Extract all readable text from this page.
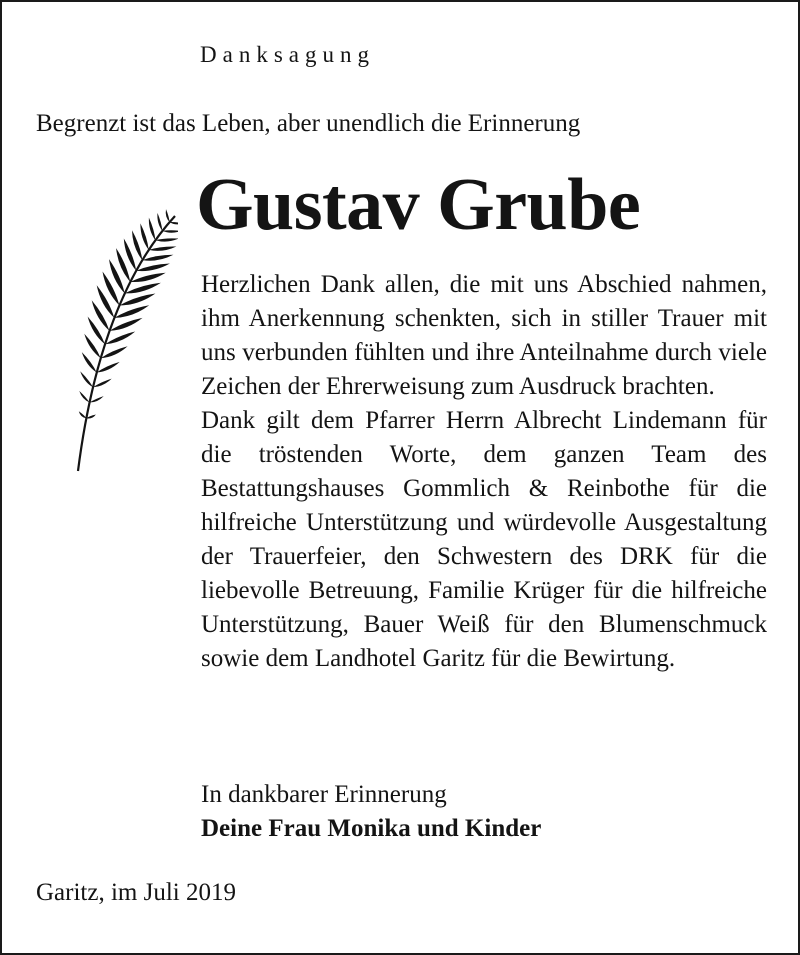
Danksagung
Begrenzt ist das Leben, aber unendlich die Erinnerung
Gustav Grube

Herzlichen Dank allen, die mit uns Abschied nahmen, ihm Anerkennung schenkten, sich in stiller Trauer mit uns verbunden fühlten und ihre Anteilnahme durch viele Zeichen der Ehrerweisung zum Ausdruck brachten.

Dank gilt dem Pfarrer Herrn Albrecht Lindemann für die tröstenden Worte, dem ganzen Team des Bestattungshauses Gommlich & Reinbothe für die hilfreiche Unterstützung und würdevolle Ausgestaltung der Trauerfeier, den Schwestern des DRK für die liebevolle Betreuung, Familie Krüger für die hilfreiche Unterstützung, Bauer Weiß für den Blumenschmuck sowie dem Landhotel Garitz für die Bewirtung.

In dankbarer Erinnerung
Deine Frau Monika und Kinder
Garitz, im Juli 2019
